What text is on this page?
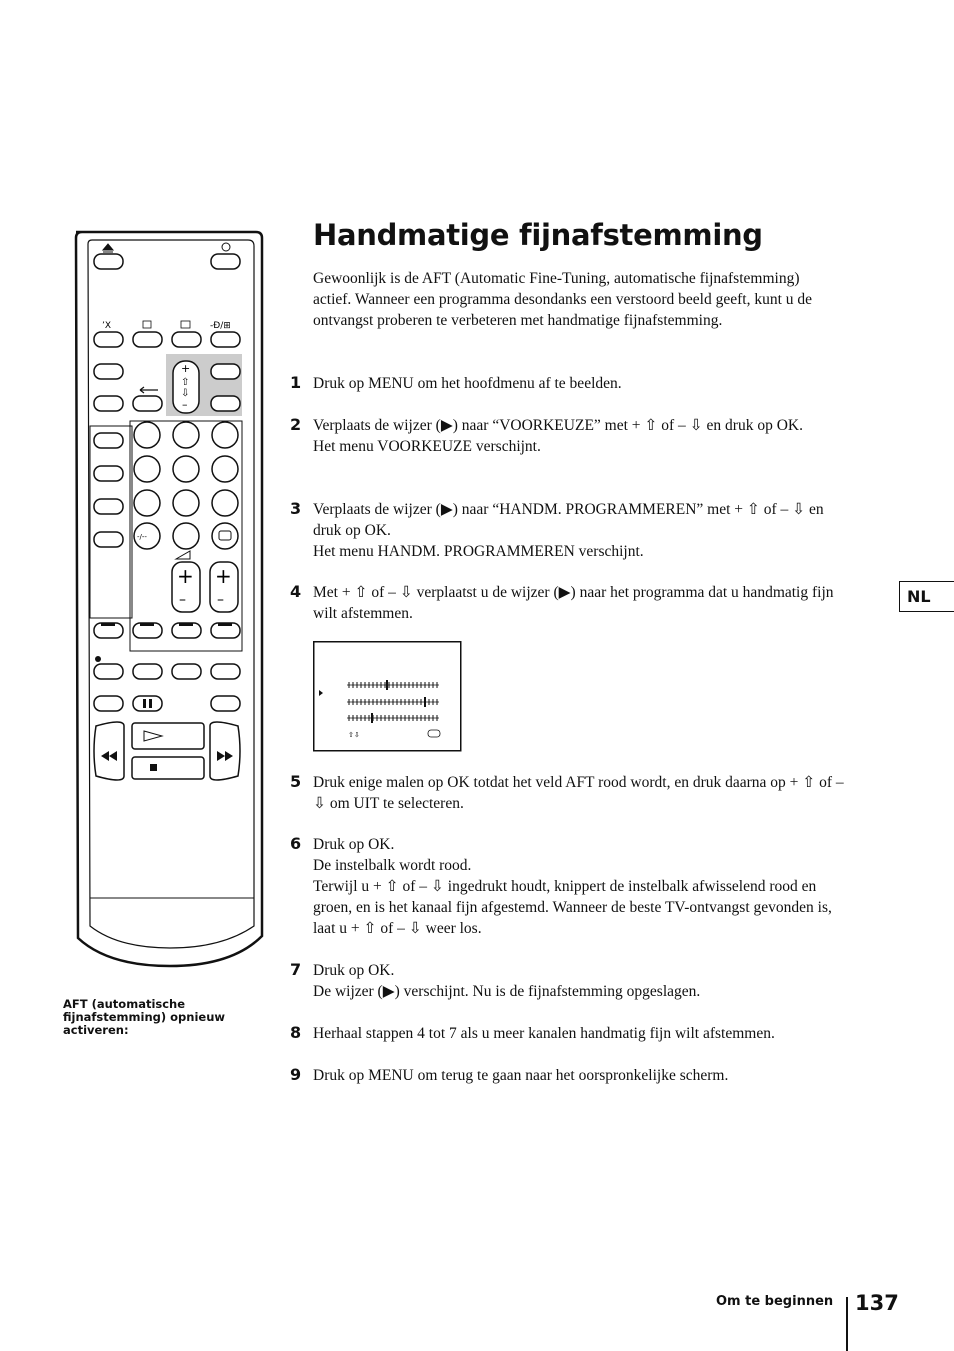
Handmatige fijnafstemming

Gewoonlijk is de AFT (Automatic Fine-Tuning, automatische fijnafstemming) actief. Wanneer een programma desondanks een verstoord beeld geeft, kunt u de ontvangst proberen te verbeteren met handmatige fijnafstemming.

ʼX	-Ð/⊞
+
⇧
⇩
–
-/--
+
–
+
–
⇧⇩
1 Druk op MENU om het hoofdmenu af te beelden.
2 Verplaats de wijzer (▶) naar “VOORKEUZE” met + ⇧ of – ⇩ en druk op OK.
Het menu VOORKEUZE verschijnt.
3 Verplaats de wijzer (▶) naar “HANDM. PROGRAMMEREN” met + ⇧ of – ⇩ en druk op OK.
Het menu HANDM. PROGRAMMEREN verschijnt.
4 Met + ⇧ of – ⇩ verplaatst u de wijzer (▶) naar het programma dat u handmatig fijn wilt afstemmen.
5 Druk enige malen op OK totdat het veld AFT rood wordt, en druk daarna op + ⇧ of – ⇩ om UIT te selecteren.
6 Druk op OK.
De instelbalk wordt rood.
Terwijl u + ⇧ of – ⇩ ingedrukt houdt, knippert de instelbalk afwisselend rood en groen, en is het kanaal fijn afgestemd. Wanneer de beste TV-ontvangst gevonden is, laat u + ⇧ of – ⇩ weer los.
7 Druk op OK.
De wijzer (▶) verschijnt. Nu is de fijnafstemming opgeslagen.
8 Herhaal stappen 4 tot 7 als u meer kanalen handmatig fijn wilt afstemmen.
9 Druk op MENU om terug te gaan naar het oorspronkelijke scherm.
NL
AFT (automatische fijnafstemming) opnieuw activeren:
Om te beginnen 137
